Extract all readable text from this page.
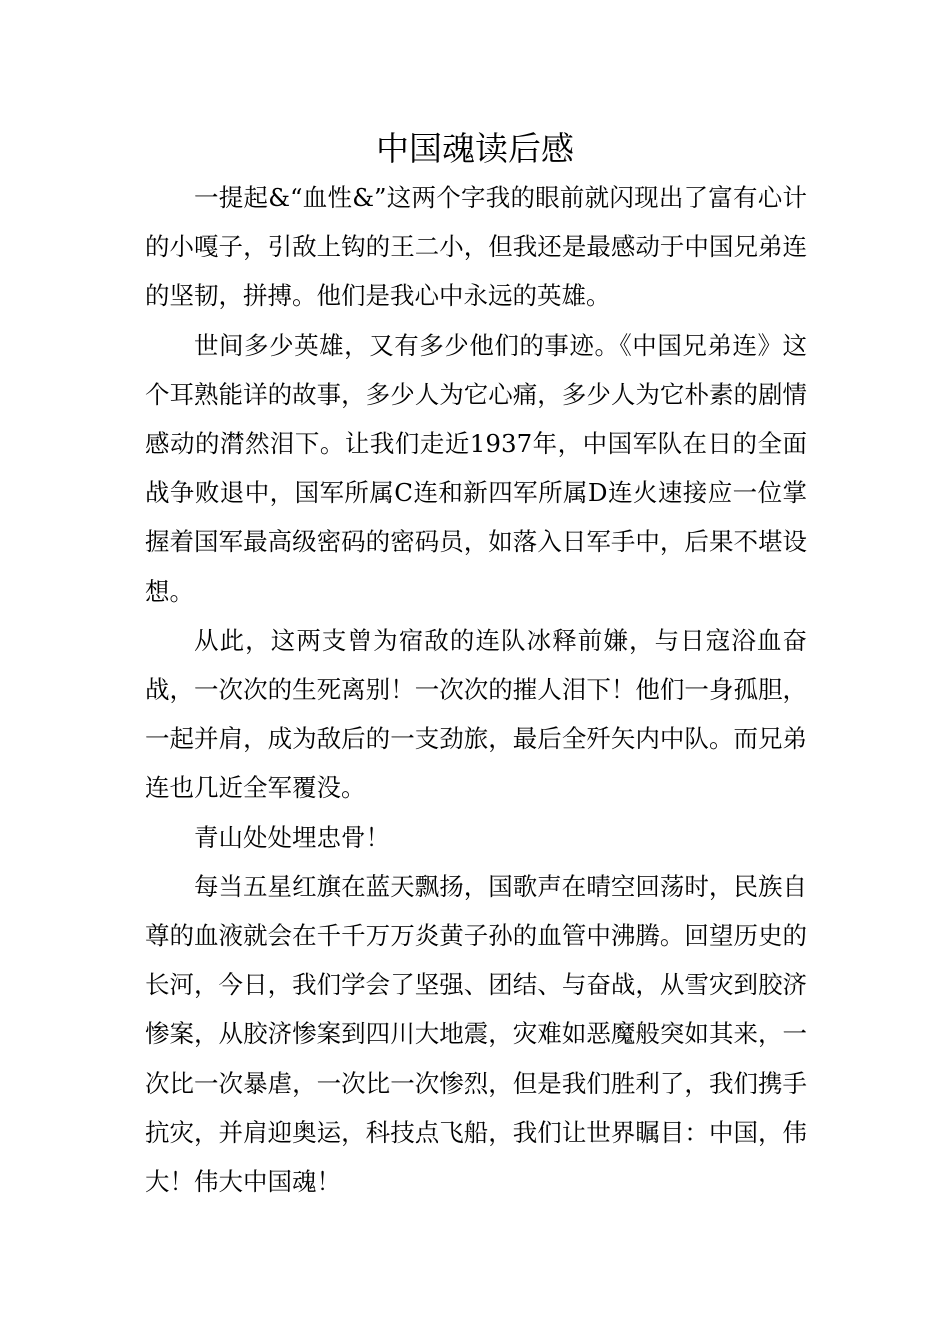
中国魂读后感

一提起&“血性&”这两个字我的眼前就闪现出了富有心计的小嘎子，引敌上钩的王二小，但我还是最感动于中国兄弟连的坚韧，拼搏。他们是我心中永远的英雄。

世间多少英雄，又有多少他们的事迹。《中国兄弟连》这个耳熟能详的故事，多少人为它心痛，多少人为它朴素的剧情感动的潸然泪下。让我们走近1937年，中国军队在日的全面战争败退中，国军所属C连和新四军所属D连火速接应一位掌握着国军最高级密码的密码员，如落入日军手中，后果不堪设想。

从此，这两支曾为宿敌的连队冰释前嫌，与日寇浴血奋战，一次次的生死离别！一次次的摧人泪下！他们一身孤胆，一起并肩，成为敌后的一支劲旅，最后全歼矢内中队。而兄弟连也几近全军覆没。

青山处处埋忠骨！

每当五星红旗在蓝天飘扬，国歌声在晴空回荡时，民族自尊的血液就会在千千万万炎黄子孙的血管中沸腾。回望历史的长河，今日，我们学会了坚强、团结、与奋战，从雪灾到胶济惨案，从胶济惨案到四川大地震，灾难如恶魔般突如其来，一次比一次暴虐，一次比一次惨烈，但是我们胜利了，我们携手抗灾，并肩迎奥运，科技点飞船，我们让世界瞩目：中国，伟大！伟大中国魂！
